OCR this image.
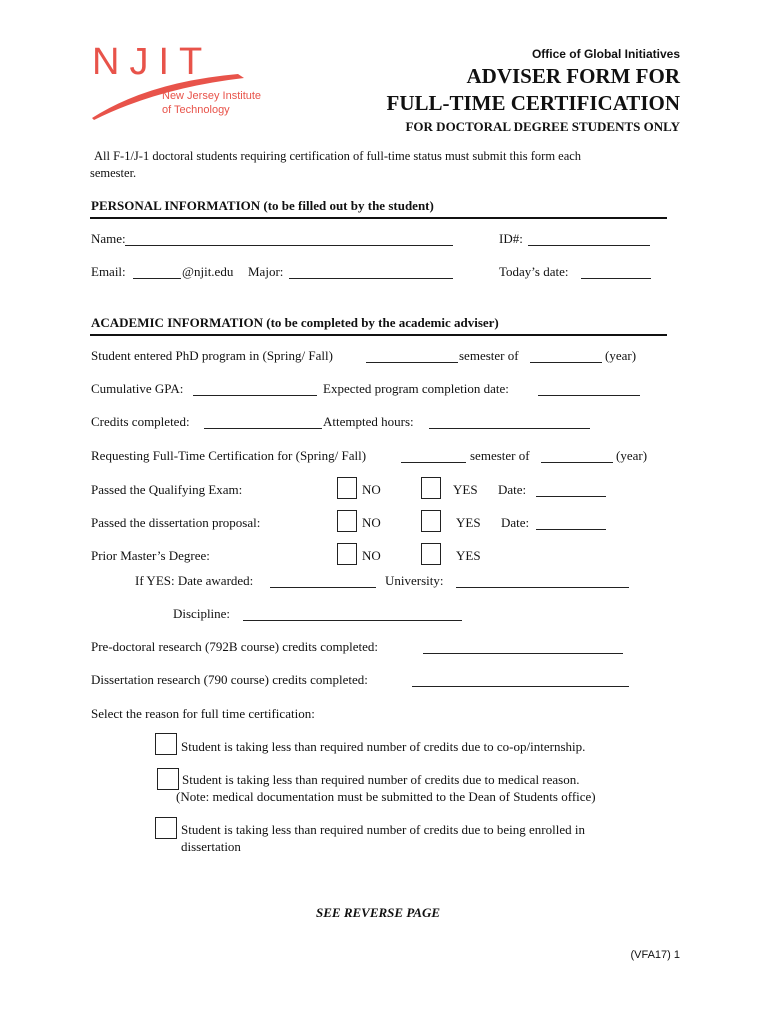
NJIT
New Jersey Institute
of Technology
Office of Global Initiatives
ADVISER FORM FOR
FULL-TIME CERTIFICATION
FOR DOCTORAL DEGREE STUDENTS ONLY
All F-1/J-1 doctoral students requiring certification of full-time status must submit this form each
semester.
PERSONAL INFORMATION (to be filled out by the student)
Name:	ID#:
Email:	@njit.edu Major:	Today’s date:
ACADEMIC INFORMATION (to be completed by the academic adviser)
Student entered PhD program in (Spring/ Fall)	semester of	(year)
Cumulative GPA:	Expected program completion date:
Credits completed:	Attempted hours:
Requesting Full-Time Certification for (Spring/ Fall)	semester of	(year)
Passed the Qualifying Exam:	NO	YES Date:
Passed the dissertation proposal:	NO	YES Date:
Prior Master’s Degree:	NO	YES
If YES: Date awarded:	University:
Discipline:
Pre-doctoral research (792B course) credits completed:
Dissertation research (790 course) credits completed:
Select the reason for full time certification:
Student is taking less than required number of credits due to co-op/internship.
Student is taking less than required number of credits due to medical reason.
(Note: medical documentation must be submitted to the Dean of Students office)
Student is taking less than required number of credits due to being enrolled in
dissertation
SEE REVERSE PAGE
(VFA17) 1
